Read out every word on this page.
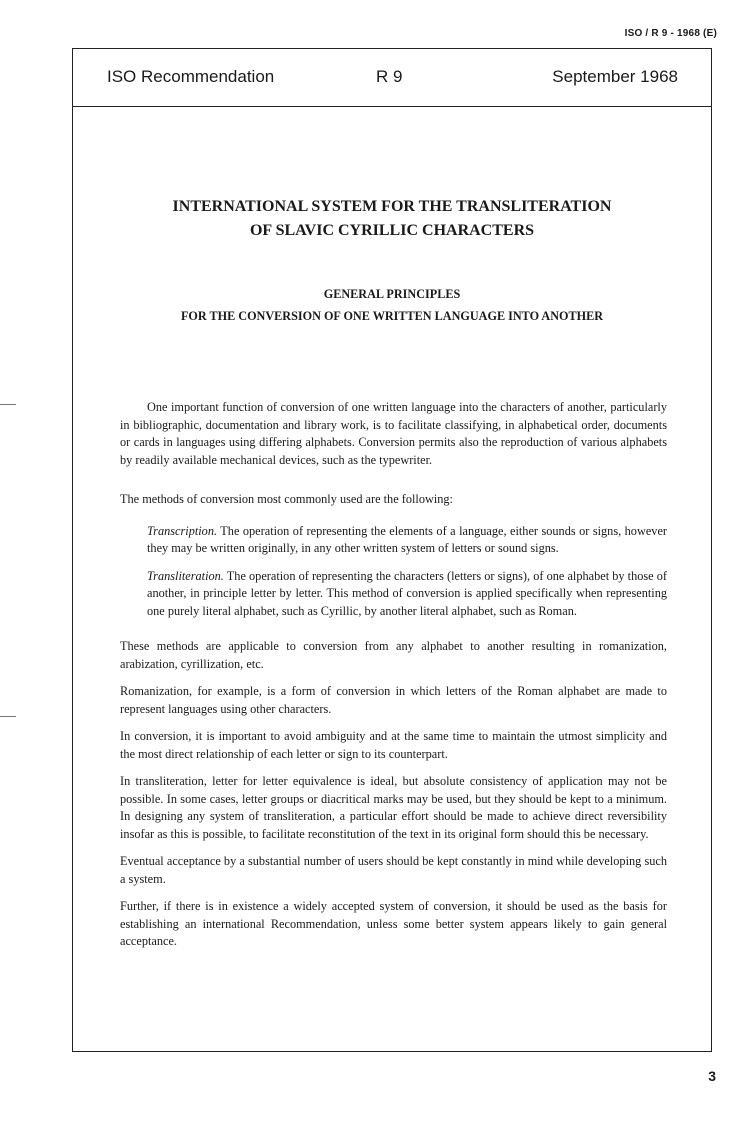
ISO / R 9 - 1968 (E)
ISO Recommendation	R 9	September 1968
INTERNATIONAL SYSTEM FOR THE TRANSLITERATION
OF SLAVIC CYRILLIC CHARACTERS
GENERAL PRINCIPLES
FOR THE CONVERSION OF ONE WRITTEN LANGUAGE INTO ANOTHER

One important function of conversion of one written language into the characters of another, particularly in bibliographic, documentation and library work, is to facilitate classifying, in alphabetical order, documents or cards in languages using differing alphabets. Conversion permits also the reproduction of various alphabets by readily available mechanical devices, such as the typewriter.

The methods of conversion most commonly used are the following:

Transcription. The operation of representing the elements of a language, either sounds or signs, however they may be written originally, in any other written system of letters or sound signs.

Transliteration. The operation of representing the characters (letters or signs), of one alphabet by those of another, in principle letter by letter. This method of conversion is applied specifically when representing one purely literal alphabet, such as Cyrillic, by another literal alphabet, such as Roman.

These methods are applicable to conversion from any alphabet to another resulting in romanization, arabization, cyrillization, etc.

Romanization, for example, is a form of conversion in which letters of the Roman alphabet are made to represent languages using other characters.

In conversion, it is important to avoid ambiguity and at the same time to maintain the utmost simplicity and the most direct relationship of each letter or sign to its counterpart.

In transliteration, letter for letter equivalence is ideal, but absolute consistency of application may not be possible. In some cases, letter groups or diacritical marks may be used, but they should be kept to a minimum. In designing any system of transliteration, a particular effort should be made to achieve direct reversibility insofar as this is possible, to facilitate reconstitution of the text in its original form should this be necessary.

Eventual acceptance by a substantial number of users should be kept constantly in mind while developing such a system.

Further, if there is in existence a widely accepted system of conversion, it should be used as the basis for establishing an international Recommendation, unless some better system appears likely to gain general acceptance.

3
